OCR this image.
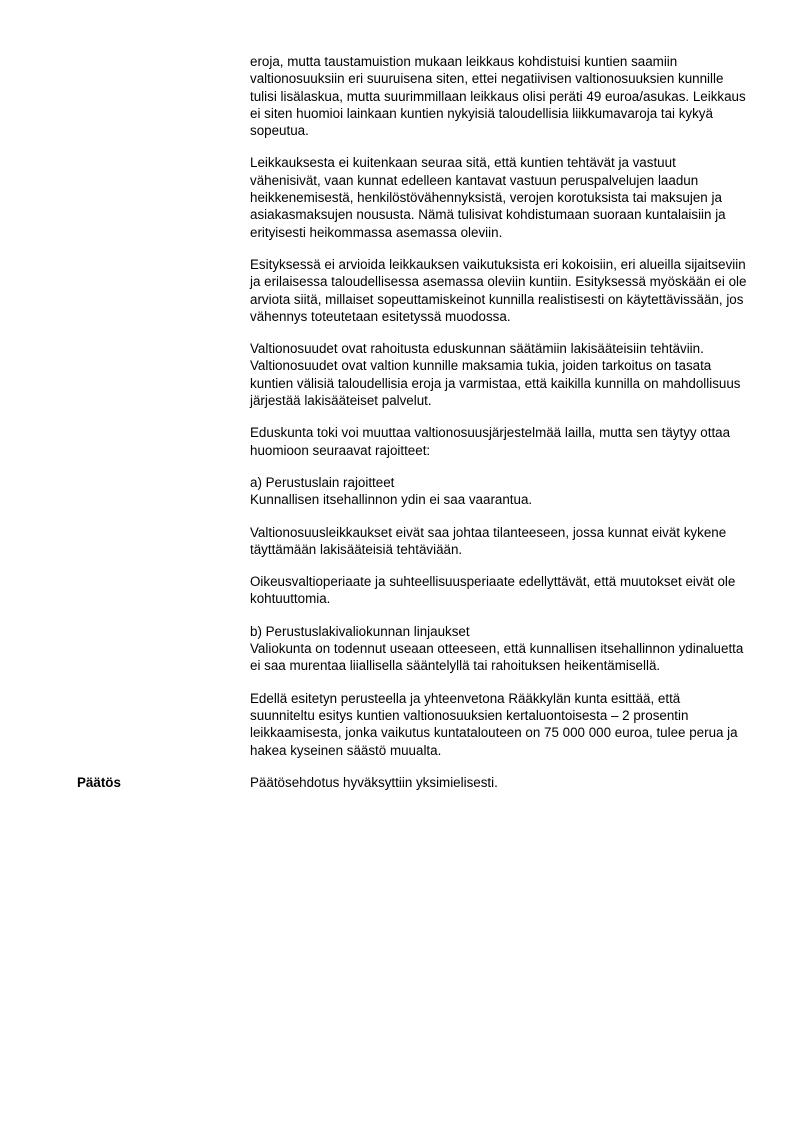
eroja, mutta taustamuistion mukaan leikkaus kohdistuisi kuntien saamiin valtionosuuksiin eri suuruisena siten, ettei negatiivisen valtionosuuksien kunnille tulisi lisälaskua, mutta suurimmillaan leikkaus olisi peräti 49 euroa/asukas. Leikkaus ei siten huomioi lainkaan kuntien nykyisiä taloudellisia liikkumavaroja tai kykyä sopeutua.
Leikkauksesta ei kuitenkaan seuraa sitä, että kuntien tehtävät ja vastuut vähenisivät, vaan kunnat edelleen kantavat vastuun peruspalvelujen laadun heikkenemisestä, henkilöstövähennyksistä, verojen korotuksista tai maksujen ja asiakasmaksujen noususta. Nämä tulisivat kohdistumaan suoraan kuntalaisiin ja erityisesti heikommassa asemassa oleviin.
Esityksessä ei arvioida leikkauksen vaikutuksista eri kokoisiin, eri alueilla sijaitseviin ja erilaisessa taloudellisessa asemassa oleviin kuntiin. Esityksessä myöskään ei ole arviota siitä, millaiset sopeuttamiskeinot kunnilla realistisesti on käytettävissään, jos vähennys toteutetaan esitetyssä muodossa.
Valtionosuudet ovat rahoitusta eduskunnan säätämiin lakisääteisiin tehtäviin. Valtionosuudet ovat valtion kunnille maksamia tukia, joiden tarkoitus on tasata kuntien välisiä taloudellisia eroja ja varmistaa, että kaikilla kunnilla on mahdollisuus järjestää lakisääteiset palvelut.
Eduskunta toki voi muuttaa valtionosuusjärjestelmää lailla, mutta sen täytyy ottaa huomioon seuraavat rajoitteet:
a) Perustuslain rajoitteet
Kunnallisen itsehallinnon ydin ei saa vaarantua.
Valtionosuusleikkaukset eivät saa johtaa tilanteeseen, jossa kunnat eivät kykene täyttämään lakisääteisiä tehtäviään.
Oikeusvaltioperiaate ja suhteellisuusperiaate edellyttävät, että muutokset eivät ole kohtuuttomia.
b) Perustuslakivaliokunnan linjaukset
Valiokunta on todennut useaan otteeseen, että kunnallisen itsehallinnon ydinaluetta ei saa murentaa liiallisella sääntelyllä tai rahoituksen heikentämisellä.
Edellä esitetyn perusteella ja yhteenvetona Rääkkylän kunta esittää, että suunniteltu esitys kuntien valtionosuuksien kertaluontoisesta – 2 prosentin leikkaamisesta, jonka vaikutus kuntatalouteen on 75 000 000 euroa, tulee perua ja hakea kyseinen säästö muualta.
Päätös	Päätösehdotus hyväksyttiin yksimielisesti.
